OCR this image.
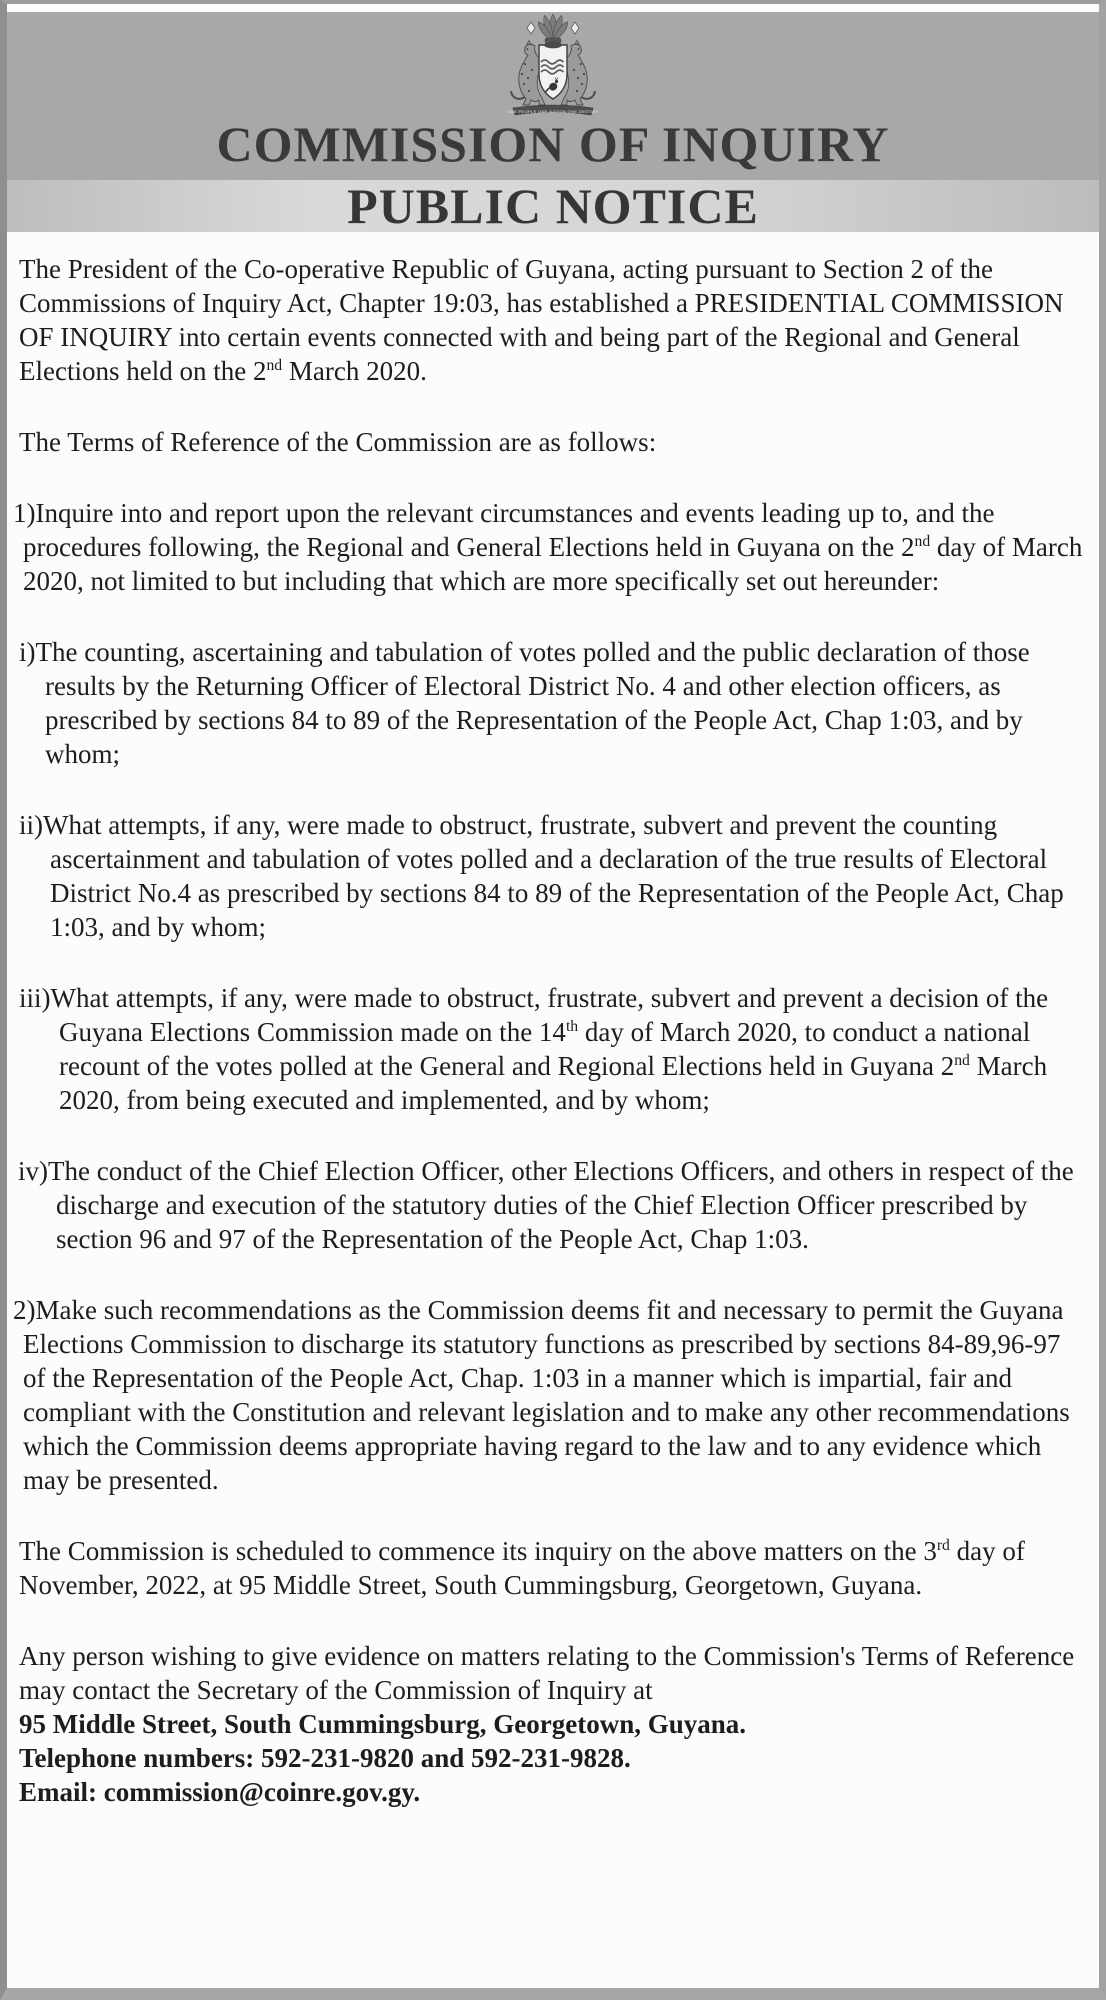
ONE PEOPLE ONE NATION ONE DESTINY
COMMISSION OF INQUIRY
PUBLIC NOTICE

The President of the Co-operative Republic of Guyana, acting pursuant to Section 2 of the Commissions of Inquiry Act, Chapter 19:03, has established a PRESIDENTIAL COMMISSION OF INQUIRY into certain events connected with and being part of the Regional and General Elections held on the 2nd March 2020.

The Terms of Reference of the Commission are as follows:

1)Inquire into and report upon the relevant circumstances and events leading up to, and the procedures following, the Regional and General Elections held in Guyana on the 2nd day of March 2020, not limited to but including that which are more specifically set out hereunder:

i)The counting, ascertaining and tabulation of votes polled and the public declaration of those results by the Returning Officer of Electoral District No. 4 and other election officers, as prescribed by sections 84 to 89 of the Representation of the People Act, Chap 1:03, and by whom;

ii)What attempts, if any, were made to obstruct, frustrate, subvert and prevent the counting ascertainment and tabulation of votes polled and a declaration of the true results of Electoral District No.4 as prescribed by sections 84 to 89 of the Representation of the People Act, Chap 1:03, and by whom;

iii)What attempts, if any, were made to obstruct, frustrate, subvert and prevent a decision of the Guyana Elections Commission made on the 14th day of March 2020, to conduct a national recount of the votes polled at the General and Regional Elections held in Guyana 2nd March 2020, from being executed and implemented, and by whom;

iv)The conduct of the Chief Election Officer, other Elections Officers, and others in respect of the discharge and execution of the statutory duties of the Chief Election Officer prescribed by section 96 and 97 of the Representation of the People Act, Chap 1:03.

2)Make such recommendations as the Commission deems fit and necessary to permit the Guyana Elections Commission to discharge its statutory functions as prescribed by sections 84-89,96-97 of the Representation of the People Act, Chap. 1:03 in a manner which is impartial, fair and compliant with the Constitution and relevant legislation and to make any other recommendations which the Commission deems appropriate having regard to the law and to any evidence which may be presented.

The Commission is scheduled to commence its inquiry on the above matters on the 3rd day of November, 2022, at 95 Middle Street, South Cummingsburg, Georgetown, Guyana.

Any person wishing to give evidence on matters relating to the Commission's Terms of Reference may contact the Secretary of the Commission of Inquiry at

95 Middle Street, South Cummingsburg, Georgetown, Guyana.
Telephone numbers: 592-231-9820 and 592-231-9828.
Email: commission@coinre.gov.gy.
